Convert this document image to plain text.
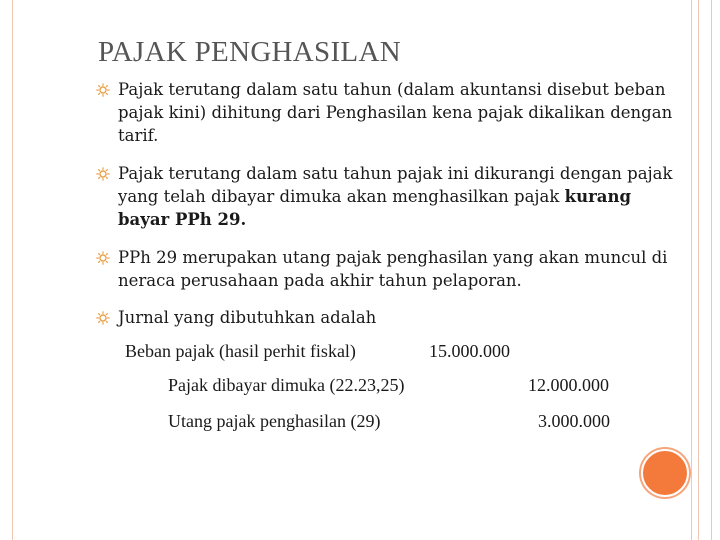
PAJAK PENGHASILAN
Pajak terutang dalam satu tahun (dalam akuntansi disebut beban pajak kini) dihitung dari Penghasilan kena pajak dikalikan dengan tarif.
Pajak terutang dalam satu tahun pajak ini dikurangi dengan pajak yang telah dibayar dimuka akan menghasilkan pajak kurang bayar PPh 29.
PPh 29 merupakan utang pajak penghasilan yang akan muncul di neraca perusahaan pada akhir tahun pelaporan.
Jurnal yang dibutuhkan adalah
Beban pajak (hasil perhit fiskal)	15.000.000
Pajak dibayar dimuka (22.23,25)	12.000.000
Utang pajak penghasilan (29)	3.000.000
